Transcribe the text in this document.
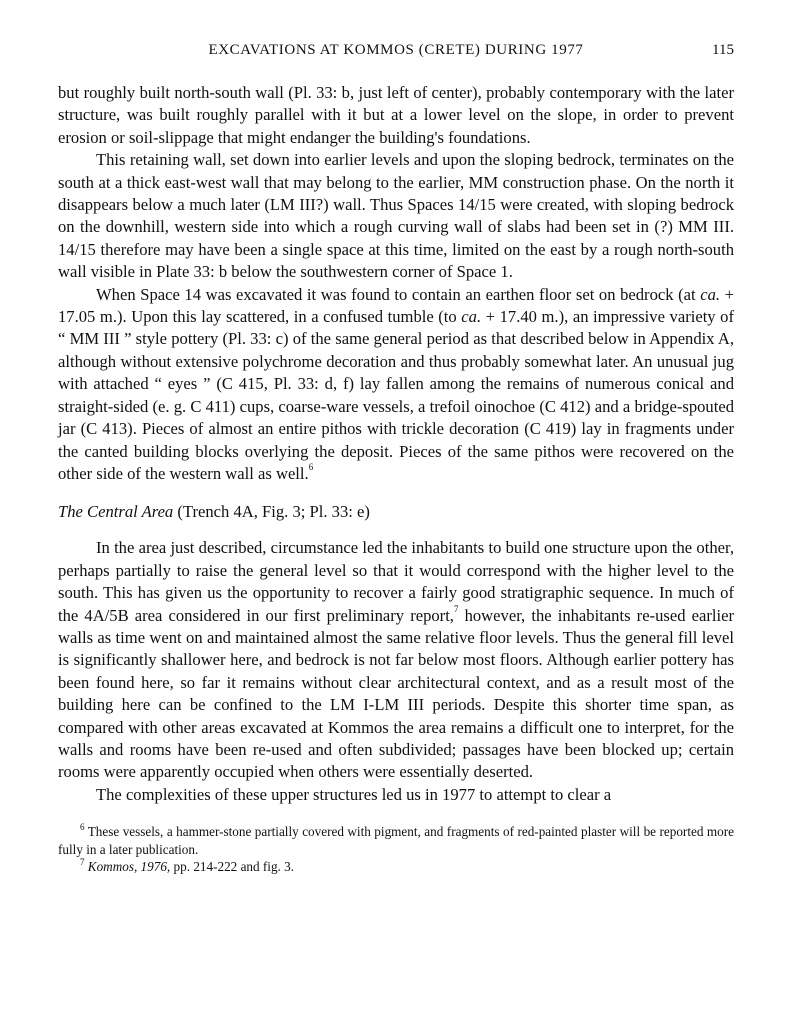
EXCAVATIONS AT KOMMOS (CRETE) DURING 1977	115

but roughly built north-south wall (Pl. 33: b, just left of center), probably contemporary with the later structure, was built roughly parallel with it but at a lower level on the slope, in order to prevent erosion or soil-slippage that might endanger the building's foundations.

This retaining wall, set down into earlier levels and upon the sloping bedrock, terminates on the south at a thick east-west wall that may belong to the earlier, MM construction phase. On the north it disappears below a much later (LM III?) wall. Thus Spaces 14/15 were created, with sloping bedrock on the downhill, western side into which a rough curving wall of slabs had been set in (?) MM III. 14/15 therefore may have been a single space at this time, limited on the east by a rough north-south wall visible in Plate 33: b below the southwestern corner of Space 1.

When Space 14 was excavated it was found to contain an earthen floor set on bedrock (at ca. + 17.05 m.). Upon this lay scattered, in a confused tumble (to ca. + 17.40 m.), an impressive variety of “ MM III ” style pottery (Pl. 33: c) of the same general period as that described below in Appendix A, although without extensive polychrome decoration and thus probably somewhat later. An unusual jug with attached “ eyes ” (C 415, Pl. 33: d, f) lay fallen among the remains of numerous conical and straight-sided (e. g. C 411) cups, coarse-ware vessels, a trefoil oinochoe (C 412) and a bridge-spouted jar (C 413). Pieces of almost an entire pithos with trickle decoration (C 419) lay in fragments under the canted building blocks overlying the deposit. Pieces of the same pithos were recovered on the other side of the western wall as well.$^6$

The Central Area (Trench 4A, Fig. 3; Pl. 33: e)

In the area just described, circumstance led the inhabitants to build one structure upon the other, perhaps partially to raise the general level so that it would correspond with the higher level to the south. This has given us the opportunity to recover a fairly good stratigraphic sequence. In much of the 4A/5B area considered in our first preliminary report,$^7$ however, the inhabitants re-used earlier walls as time went on and maintained almost the same relative floor levels. Thus the general fill level is significantly shallower here, and bedrock is not far below most floors. Although earlier pottery has been found here, so far it remains without clear architectural context, and as a result most of the building here can be confined to the LM I-LM III periods. Despite this shorter time span, as compared with other areas excavated at Kommos the area remains a difficult one to interpret, for the walls and rooms have been re-used and often subdivided; passages have been blocked up; certain rooms were apparently occupied when others were essentially deserted.

The complexities of these upper structures led us in 1977 to attempt to clear a

$^6$ These vessels, a hammer-stone partially covered with pigment, and fragments of red-painted plaster will be reported more fully in a later publication.

$^7$ Kommos, 1976, pp. 214-222 and fig. 3.
